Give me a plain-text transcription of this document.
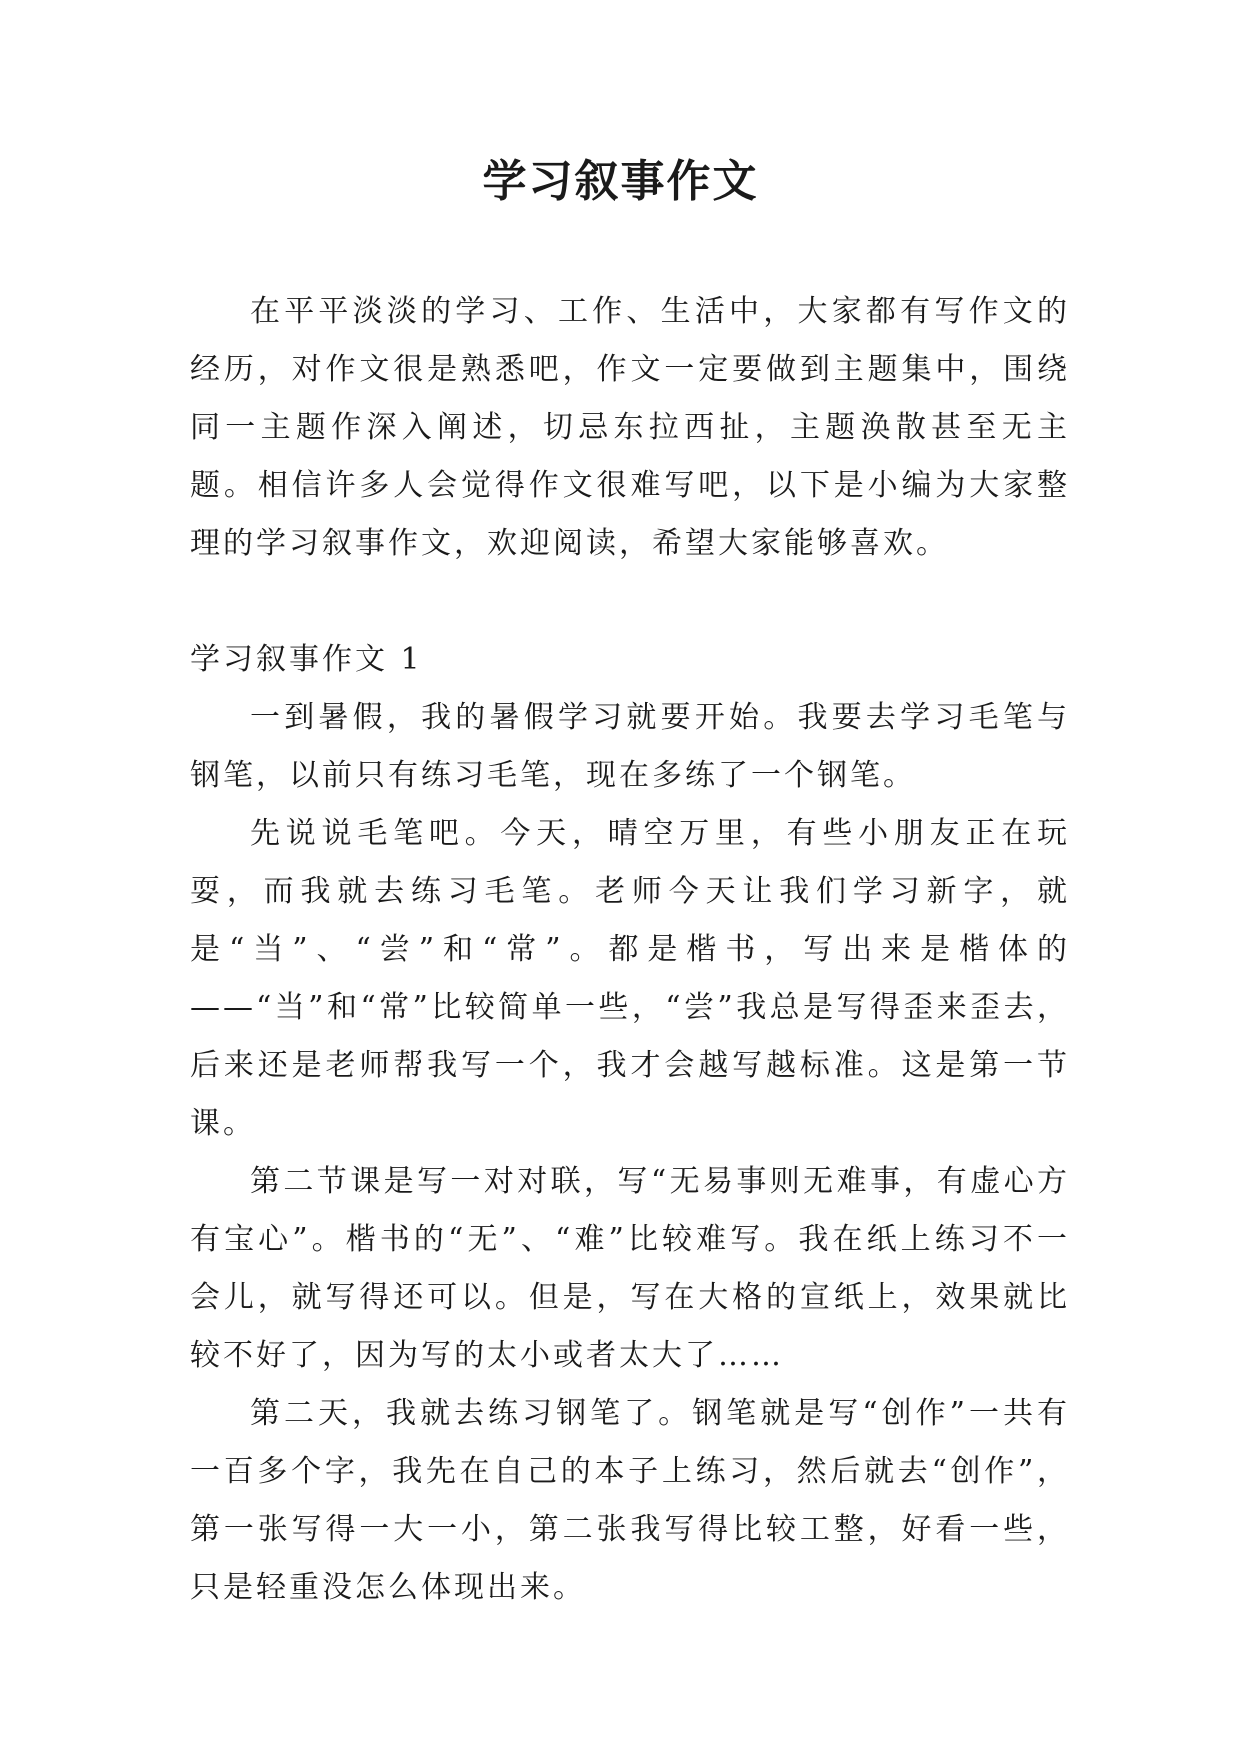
学习叙事作文

在平平淡淡的学习、工作、生活中，大家都有写作文的经历，对作文很是熟悉吧，作文一定要做到主题集中，围绕同一主题作深入阐述，切忌东拉西扯，主题涣散甚至无主题。相信许多人会觉得作文很难写吧，以下是小编为大家整理的学习叙事作文，欢迎阅读，希望大家能够喜欢。

学习叙事作文 1

一到暑假，我的暑假学习就要开始。我要去学习毛笔与钢笔，以前只有练习毛笔，现在多练了一个钢笔。

先说说毛笔吧。今天，晴空万里，有些小朋友正在玩耍，而我就去练习毛笔。老师今天让我们学习新字，就是“当”、“尝”和“常”。都是楷书，写出来是楷体的——“当”和“常”比较简单一些，“尝”我总是写得歪来歪去，后来还是老师帮我写一个，我才会越写越标准。这是第一节课。

第二节课是写一对对联，写“无易事则无难事，有虚心方有宝心”。楷书的“无”、“难”比较难写。我在纸上练习不一会儿，就写得还可以。但是，写在大格的宣纸上，效果就比较不好了，因为写的太小或者太大了……

第二天，我就去练习钢笔了。钢笔就是写“创作”一共有一百多个字，我先在自己的本子上练习，然后就去“创作”，第一张写得一大一小，第二张我写得比较工整，好看一些，只是轻重没怎么体现出来。
